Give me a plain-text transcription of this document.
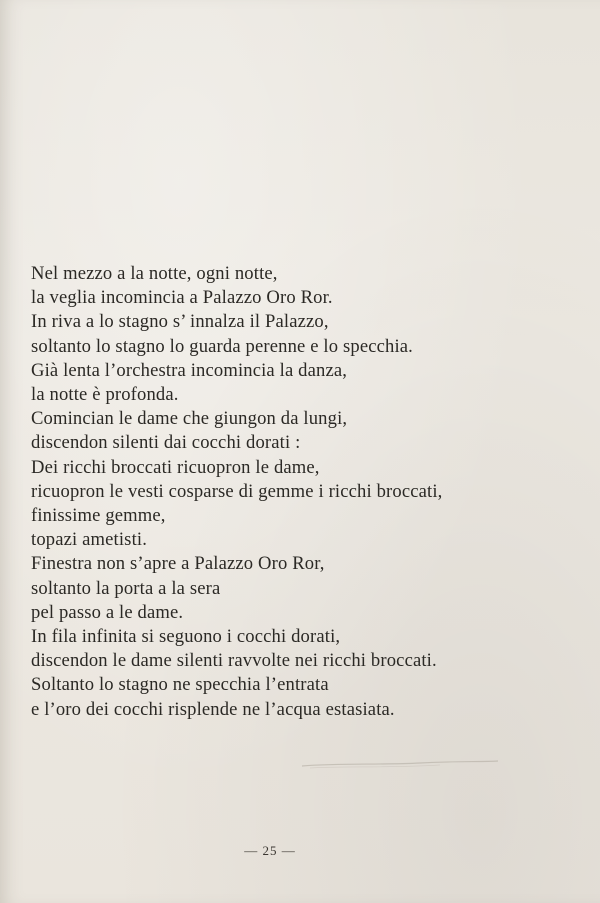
Nel mezzo a la notte, ogni notte,
la veglia incomincia a Palazzo Oro Ror.
In riva a lo stagno s’ innalza il Palazzo,
soltanto lo stagno lo guarda perenne e lo specchia.
Già lenta l’orchestra incomincia la danza,
la notte è profonda.
Comincian le dame che giungon da lungi,
discendon silenti dai cocchi dorati :
Dei ricchi broccati ricuopron le dame,
ricuopron le vesti cosparse di gemme i ricchi broccati,
finissime gemme,
topazi ametisti.
Finestra non s’apre a Palazzo Oro Ror,
soltanto la porta a la sera
pel passo a le dame.
In fila infinita si seguono i cocchi dorati,
discendon le dame silenti ravvolte nei ricchi broccati.
Soltanto lo stagno ne specchia l’entrata
e l’oro dei cocchi risplende ne l’acqua estasiata.
— 25 —
